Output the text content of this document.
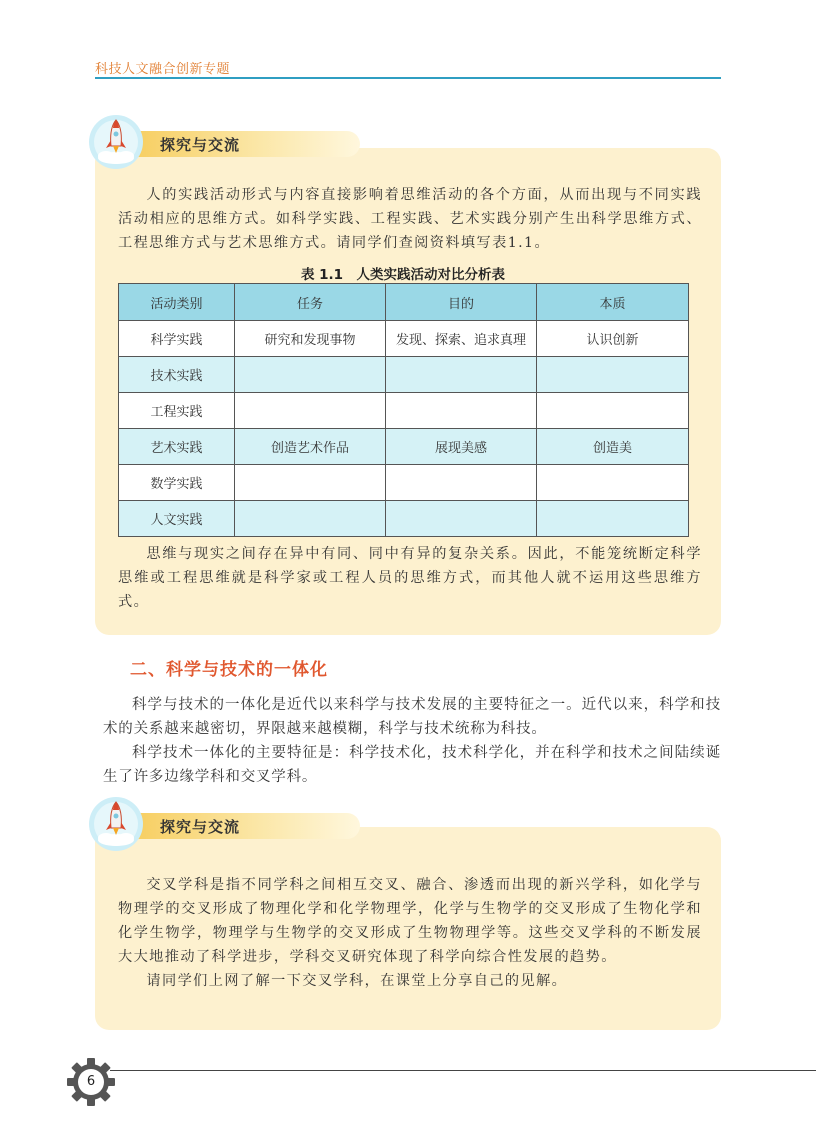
科技人文融合创新专题
探究与交流

人的实践活动形式与内容直接影响着思维活动的各个方面，从而出现与不同实践活动相应的思维方式。如科学实践、工程实践、艺术实践分别产生出科学思维方式、工程思维方式与艺术思维方式。请同学们查阅资料填写表1.1。

表 1.1　人类实践活动对比分析表
活动类别	任务	目的	本质
科学实践	研究和发现事物	发现、探索、追求真理	认识创新
技术实践			
工程实践			
艺术实践	创造艺术作品	展现美感	创造美
数学实践			
人文实践			

思维与现实之间存在异中有同、同中有异的复杂关系。因此，不能笼统断定科学思维或工程思维就是科学家或工程人员的思维方式，而其他人就不运用这些思维方式。

二、科学与技术的一体化

科学与技术的一体化是近代以来科学与技术发展的主要特征之一。近代以来，科学和技术的关系越来越密切，界限越来越模糊，科学与技术统称为科技。

科学技术一体化的主要特征是：科学技术化，技术科学化，并在科学和技术之间陆续诞生了许多边缘学科和交叉学科。

探究与交流

交叉学科是指不同学科之间相互交叉、融合、渗透而出现的新兴学科，如化学与物理学的交叉形成了物理化学和化学物理学，化学与生物学的交叉形成了生物化学和化学生物学，物理学与生物学的交叉形成了生物物理学等。这些交叉学科的不断发展大大地推动了科学进步，学科交叉研究体现了科学向综合性发展的趋势。

请同学们上网了解一下交叉学科，在课堂上分享自己的见解。

6
